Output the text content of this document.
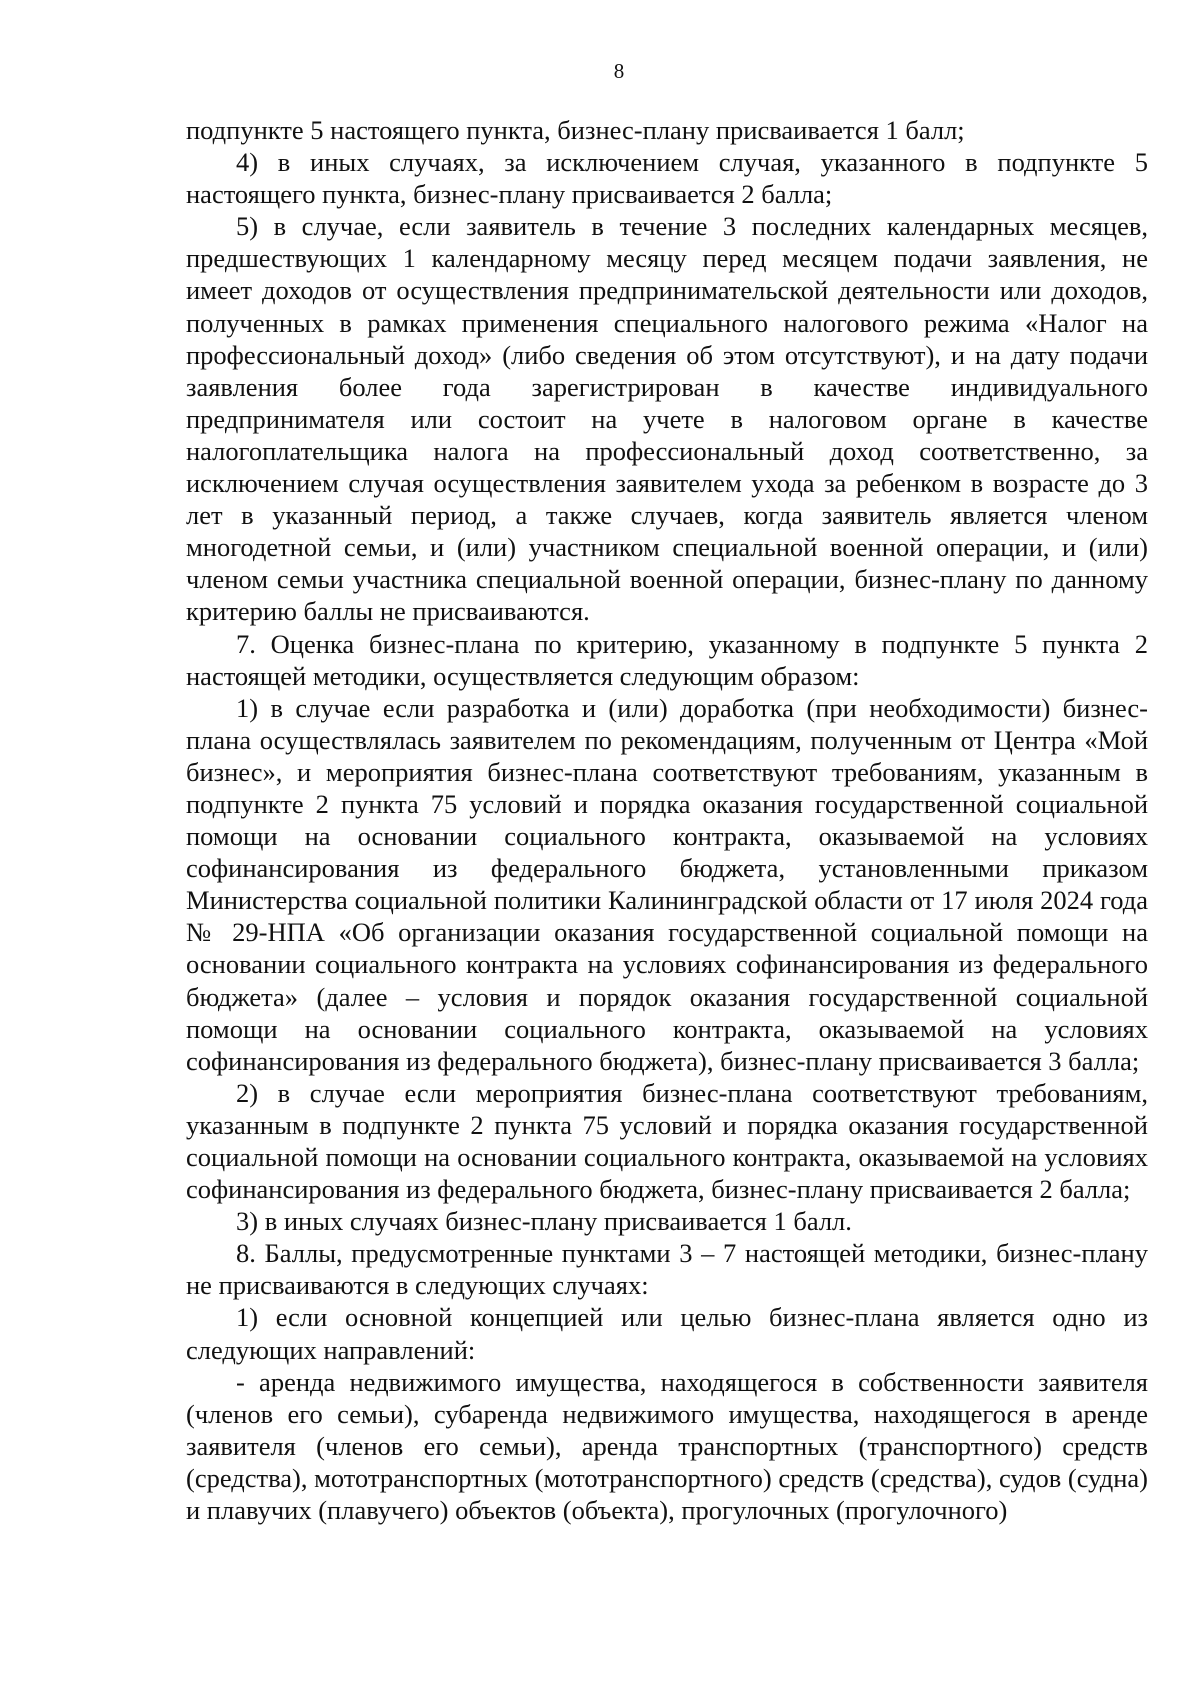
8

подпункте 5 настоящего пункта, бизнес-плану присваивается 1 балл;

4) в иных случаях, за исключением случая, указанного в подпункте 5 настоящего пункта, бизнес-плану присваивается 2 балла;

5) в случае, если заявитель в течение 3 последних календарных месяцев, предшествующих 1 календарному месяцу перед месяцем подачи заявления, не имеет доходов от осуществления предпринимательской деятельности или доходов, полученных в рамках применения специального налогового режима «Налог на профессиональный доход» (либо сведения об этом отсутствуют), и на дату подачи заявления более года зарегистрирован в качестве индивидуального предпринимателя или состоит на учете в налоговом органе в качестве налогоплательщика налога на профессиональный доход соответственно, за исключением случая осуществления заявителем ухода за ребенком в возрасте до 3 лет в указанный период, а также случаев, когда заявитель является членом многодетной семьи, и (или) участником специальной военной операции, и (или) членом семьи участника специальной военной операции, бизнес-плану по данному критерию баллы не присваиваются.

7. Оценка бизнес-плана по критерию, указанному в подпункте 5 пункта 2 настоящей методики, осуществляется следующим образом:

1) в случае если разработка и (или) доработка (при необходимости) бизнес-плана осуществлялась заявителем по рекомендациям, полученным от Центра «Мой бизнес», и мероприятия бизнес-плана соответствуют требованиям, указанным в подпункте 2 пункта 75 условий и порядка оказания государственной социальной помощи на основании социального контракта, оказываемой на условиях софинансирования из федерального бюджета, установленными приказом Министерства социальной политики Калининградской области от 17 июля 2024 года № 29-НПА «Об организации оказания государственной социальной помощи на основании социального контракта на условиях софинансирования из федерального бюджета» (далее – условия и порядок оказания государственной социальной помощи на основании социального контракта, оказываемой на условиях софинансирования из федерального бюджета), бизнес-плану присваивается 3 балла;

2) в случае если мероприятия бизнес-плана соответствуют требованиям, указанным в подпункте 2 пункта 75 условий и порядка оказания государственной социальной помощи на основании социального контракта, оказываемой на условиях софинансирования из федерального бюджета, бизнес-плану присваивается 2 балла;

3) в иных случаях бизнес-плану присваивается 1 балл.

8. Баллы, предусмотренные пунктами 3 – 7 настоящей методики, бизнес-плану не присваиваются в следующих случаях:

1) если основной концепцией или целью бизнес-плана является одно из следующих направлений:

- аренда недвижимого имущества, находящегося в собственности заявителя (членов его семьи), субаренда недвижимого имущества, находящегося в аренде заявителя (членов его семьи), аренда транспортных (транспортного) средств (средства), мототранспортных (мототранспортного) средств (средства), судов (судна) и плавучих (плавучего) объектов (объекта), прогулочных (прогулочного)
